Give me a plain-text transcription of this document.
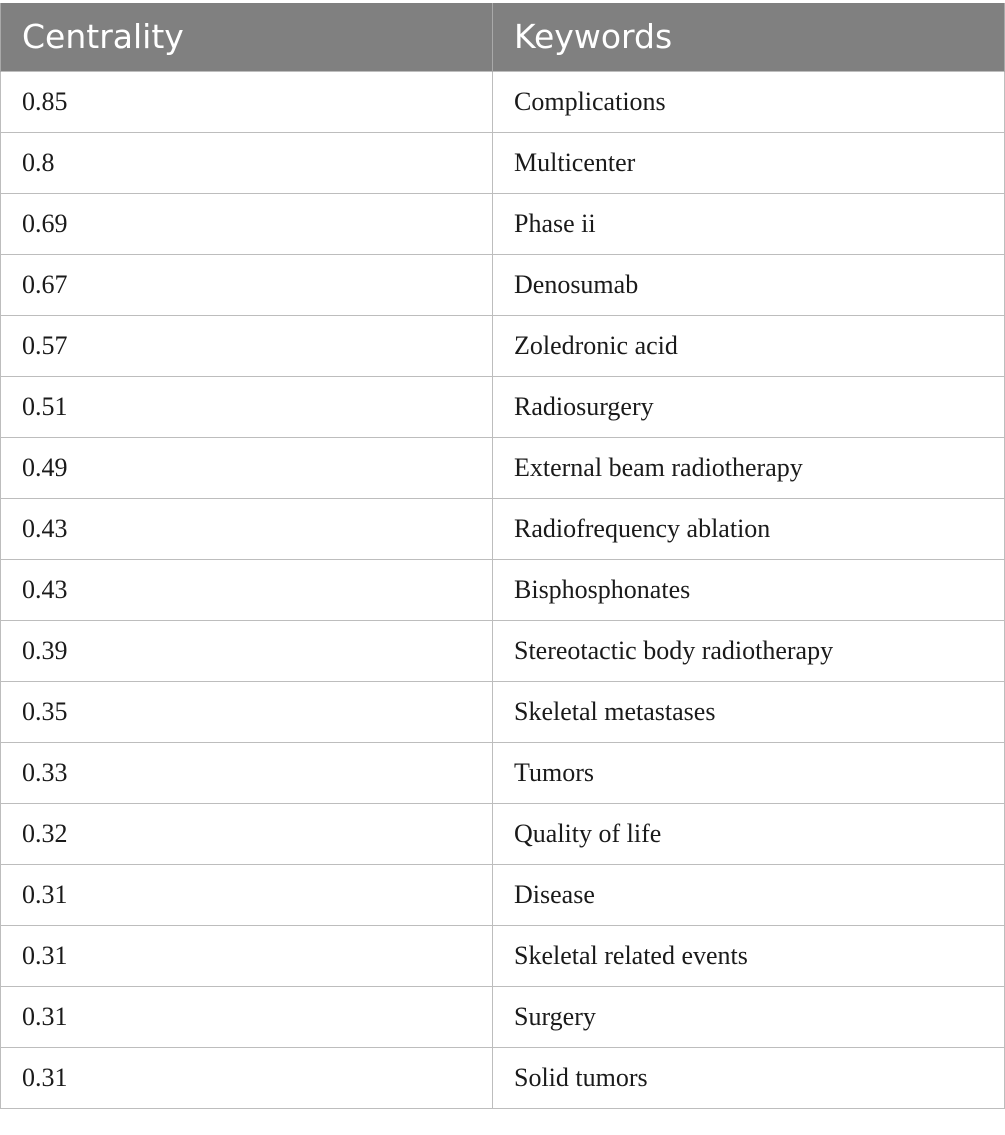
Centrality	Keywords
0.85	Complications
0.8	Multicenter
0.69	Phase ii
0.67	Denosumab
0.57	Zoledronic acid
0.51	Radiosurgery
0.49	External beam radiotherapy
0.43	Radiofrequency ablation
0.43	Bisphosphonates
0.39	Stereotactic body radiotherapy
0.35	Skeletal metastases
0.33	Tumors
0.32	Quality of life
0.31	Disease
0.31	Skeletal related events
0.31	Surgery
0.31	Solid tumors
